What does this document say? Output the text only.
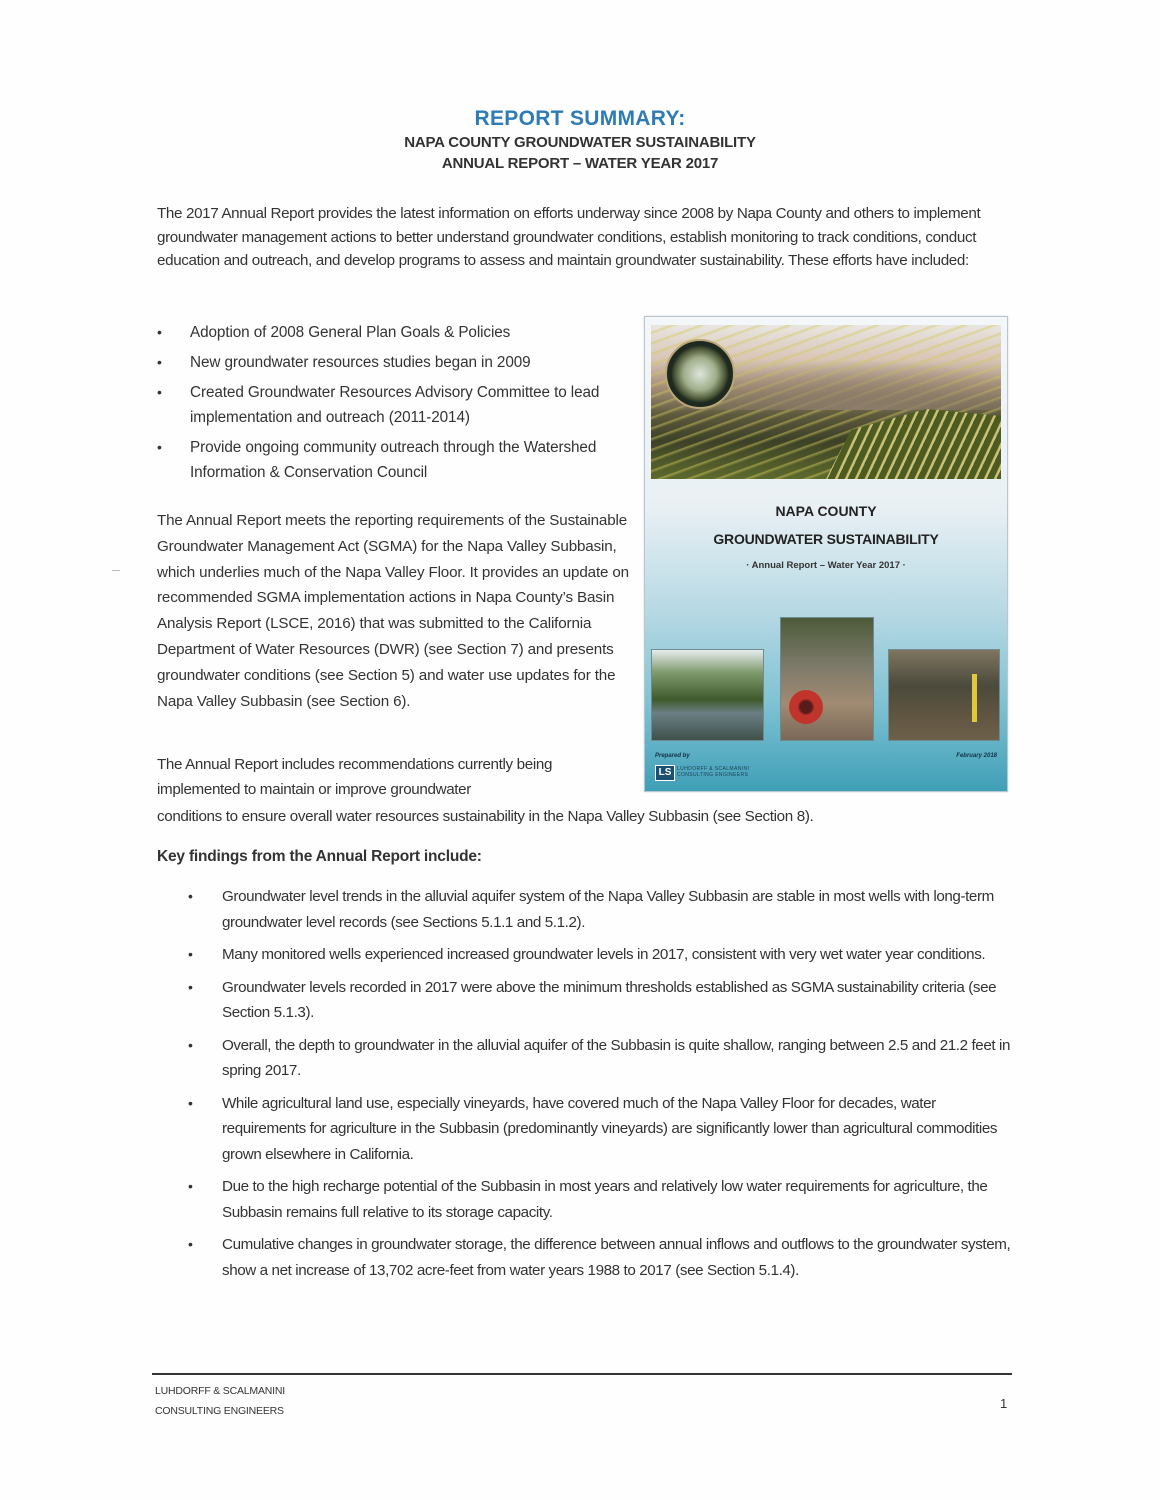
REPORT SUMMARY:
NAPA COUNTY GROUNDWATER SUSTAINABILITY
ANNUAL REPORT – WATER YEAR 2017

The 2017 Annual Report provides the latest information on efforts underway since 2008 by Napa County and others to implement groundwater management actions to better understand groundwater conditions, establish monitoring to track conditions, conduct education and outreach, and develop programs to assess and maintain groundwater sustainability. These efforts have included:

• Adoption of 2008 General Plan Goals & Policies
• New groundwater resources studies began in 2009
• Created Groundwater Resources Advisory Committee to lead implementation and outreach (2011-2014)
• Provide ongoing community outreach through the Watershed Information & Conservation Council

The Annual Report meets the reporting requirements of the Sustainable Groundwater Management Act (SGMA) for the Napa Valley Subbasin, which underlies much of the Napa Valley Floor. It provides an update on recommended SGMA implementation actions in Napa County’s Basin Analysis Report (LSCE, 2016) that was submitted to the California Department of Water Resources (DWR) (see Section 7) and presents groundwater conditions (see Section 5) and water use updates for the Napa Valley Subbasin (see Section 6).

The Annual Report includes recommendations currently being implemented to maintain or improve groundwater

conditions to ensure overall water resources sustainability in the Napa Valley Subbasin (see Section 8).

NAPA COUNTY
GROUNDWATER SUSTAINABILITY
· Annual Report – Water Year 2017 ·
Prepared by	February 2018
LS	LUHDORFF & SCALMANINI
CONSULTING ENGINEERS
Key findings from the Annual Report include:
• Groundwater level trends in the alluvial aquifer system of the Napa Valley Subbasin are stable in most wells with long-term groundwater level records (see Sections 5.1.1 and 5.1.2).
• Many monitored wells experienced increased groundwater levels in 2017, consistent with very wet water year conditions.
• Groundwater levels recorded in 2017 were above the minimum thresholds established as SGMA sustainability criteria (see Section 5.1.3).
• Overall, the depth to groundwater in the alluvial aquifer of the Subbasin is quite shallow, ranging between 2.5 and 21.2 feet in spring 2017.
• While agricultural land use, especially vineyards, have covered much of the Napa Valley Floor for decades, water requirements for agriculture in the Subbasin (predominantly vineyards) are significantly lower than agricultural commodities grown elsewhere in California.
• Due to the high recharge potential of the Subbasin in most years and relatively low water requirements for agriculture, the Subbasin remains full relative to its storage capacity.
• Cumulative changes in groundwater storage, the difference between annual inflows and outflows to the groundwater system, show a net increase of 13,702 acre-feet from water years 1988 to 2017 (see Section 5.1.4).
LUHDORFF & SCALMANINI
CONSULTING ENGINEERS	1
